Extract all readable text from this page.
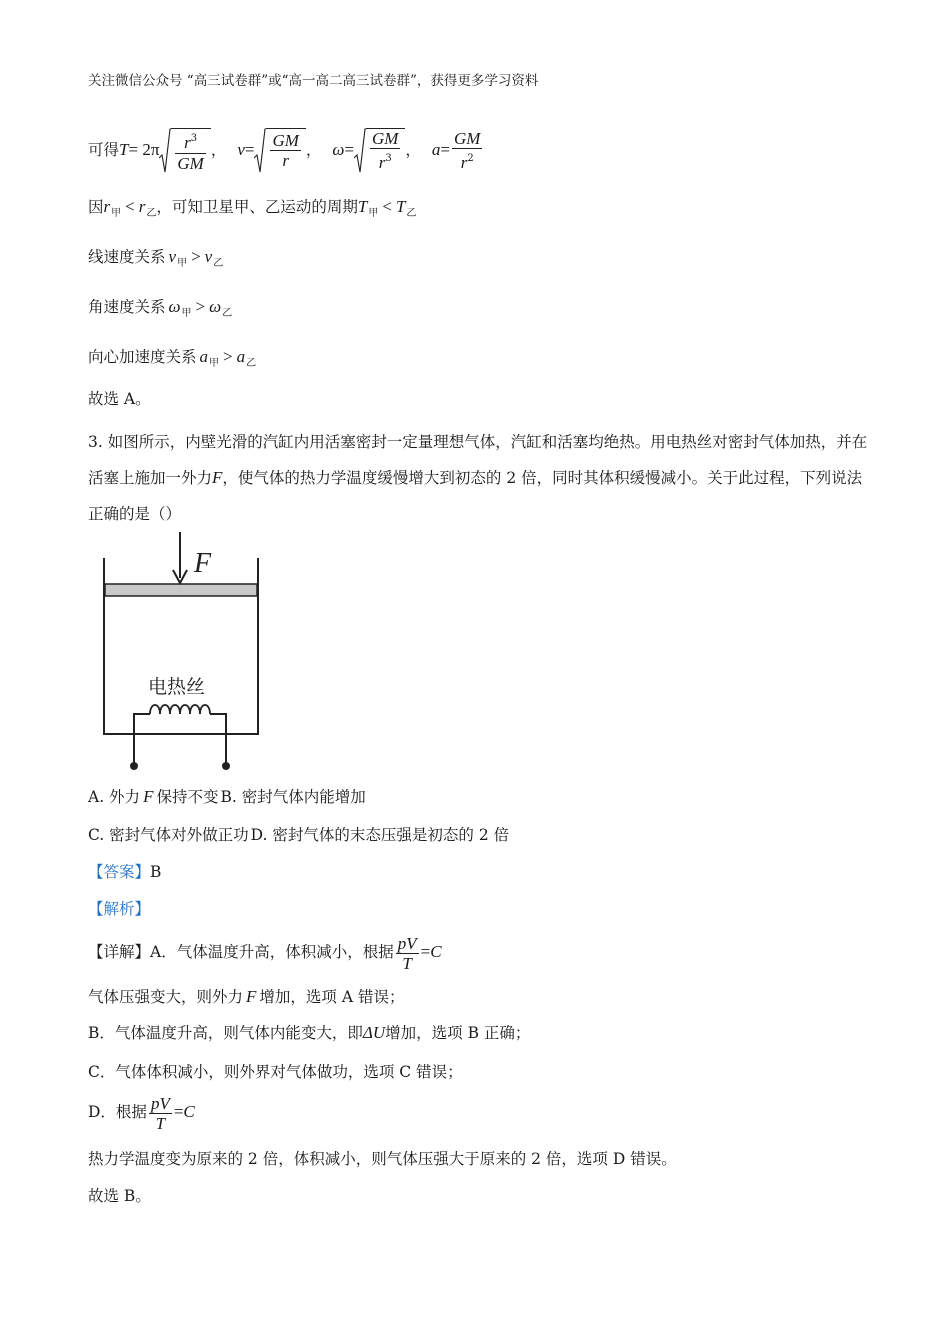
关注微信公众号 “高三试卷群”或“高一高二高三试卷群”，获得更多学习资料
可得$T= 2\pi \frac{r^3}{GM}$ ， $v= \frac{GM}{r}$ ， $\omega= \frac{GM}{r^3}$ ， $a= \frac{GM}{r^2}$
因$r_甲 < r_乙$，可知卫星甲、乙运动的周期$T_甲 < T_乙$
线速度关系 $v_甲 > v_乙$
角速度关系 $\omega_甲 > \omega_乙$
向心加速度关系 $a_甲 > a_乙$
故选 A。
3. 如图所示，内壁光滑的汽缸内用活塞密封一定量理想气体，汽缸和活塞均绝热。用电热丝对密封气体加热，并在活塞上施加一外力F，使气体的热力学温度缓慢增大到初态的 2 倍，同时其体积缓慢减小。关于此过程，下列说法正确的是（）
F
电热丝
A. 外力 F 保持不变 B. 密封气体内能增加
C. 密封气体对外做正功 D. 密封气体的末态压强是初态的 2 倍
【答案】B
【解析】
【详解】A．气体温度升高，体积减小，根据 $\frac{pV}{T} =C$
气体压强变大，则外力 F 增加，选项 A 错误；
B．气体温度升高，则气体内能变大，即ΔU增加，选项 B 正确；
C．气体体积减小，则外界对气体做功，选项 C 错误；
D．根据 $\frac{pV}{T} =C$
热力学温度变为原来的 2 倍，体积减小，则气体压强大于原来的 2 倍，选项 D 错误。
故选 B。
